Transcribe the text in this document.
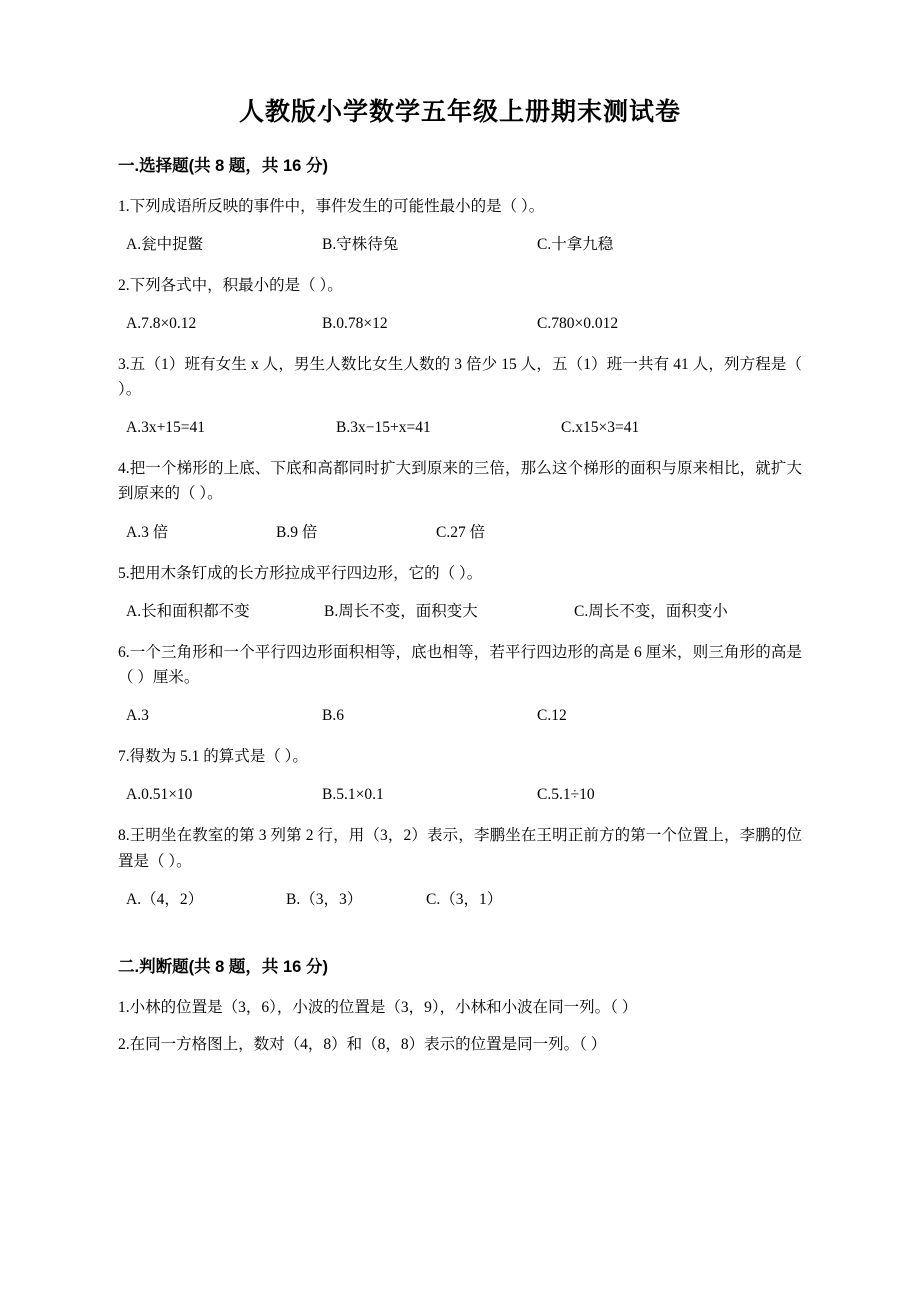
人教版小学数学五年级上册期末测试卷
一.选择题(共 8 题，共 16 分)

1.下列成语所反映的事件中，事件发生的可能性最小的是（ ）。

A.瓮中捉鳖	B.守株待兔	C.十拿九稳

2.下列各式中，积最小的是（ ）。

A.7.8×0.12	B.0.78×12	C.780×0.012

3.五（1）班有女生 x 人，男生人数比女生人数的 3 倍少 15 人，五（1）班一共有 41 人，列方程是（ ）。

A.3x+15=41	B.3x−15+x=41	C.x15×3=41

4.把一个梯形的上底、下底和高都同时扩大到原来的三倍，那么这个梯形的面积与原来相比，就扩大到原来的（ ）。

A.3 倍	B.9 倍	C.27 倍

5.把用木条钉成的长方形拉成平行四边形，它的（ ）。

A.长和面积都不变	B.周长不变，面积变大	C.周长不变，面积变小

6.一个三角形和一个平行四边形面积相等，底也相等，若平行四边形的高是 6 厘米，则三角形的高是（ ）厘米。

A.3	B.6	C.12

7.得数为 5.1 的算式是（ ）。

A.0.51×10	B.5.1×0.1	C.5.1÷10

8.王明坐在教室的第 3 列第 2 行，用（3，2）表示，李鹏坐在王明正前方的第一个位置上，李鹏的位置是（ ）。

A.（4，2）	B.（3，3）	C.（3，1）
二.判断题(共 8 题，共 16 分)

1.小林的位置是（3，6），小波的位置是（3，9），小林和小波在同一列。（ ）

2.在同一方格图上，数对（4，8）和（8，8）表示的位置是同一列。（ ）
